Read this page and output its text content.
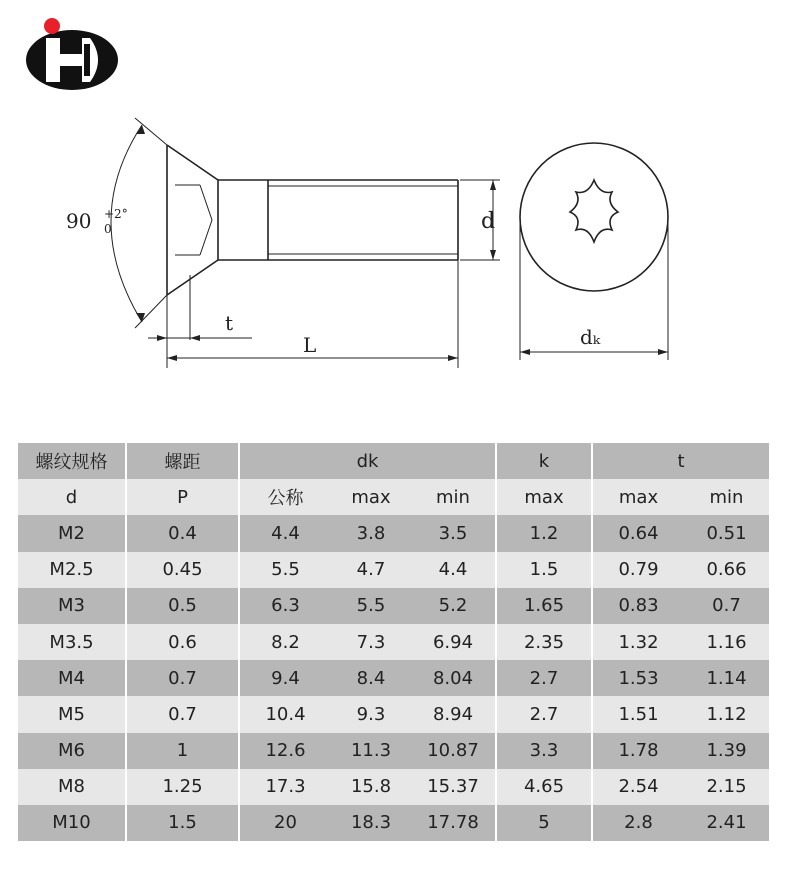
90 +2°
0
t
L
d
dₖ
螺纹规格	螺距	dk			k	t	
d	P	公称	max	min	max	max	min
M2	0.4	4.4	3.8	3.5	1.2	0.64	0.51
M2.5	0.45	5.5	4.7	4.4	1.5	0.79	0.66
M3	0.5	6.3	5.5	5.2	1.65	0.83	0.7
M3.5	0.6	8.2	7.3	6.94	2.35	1.32	1.16
M4	0.7	9.4	8.4	8.04	2.7	1.53	1.14
M5	0.7	10.4	9.3	8.94	2.7	1.51	1.12
M6	1	12.6	11.3	10.87	3.3	1.78	1.39
M8	1.25	17.3	15.8	15.37	4.65	2.54	2.15
M10	1.5	20	18.3	17.78	5	2.8	2.41
